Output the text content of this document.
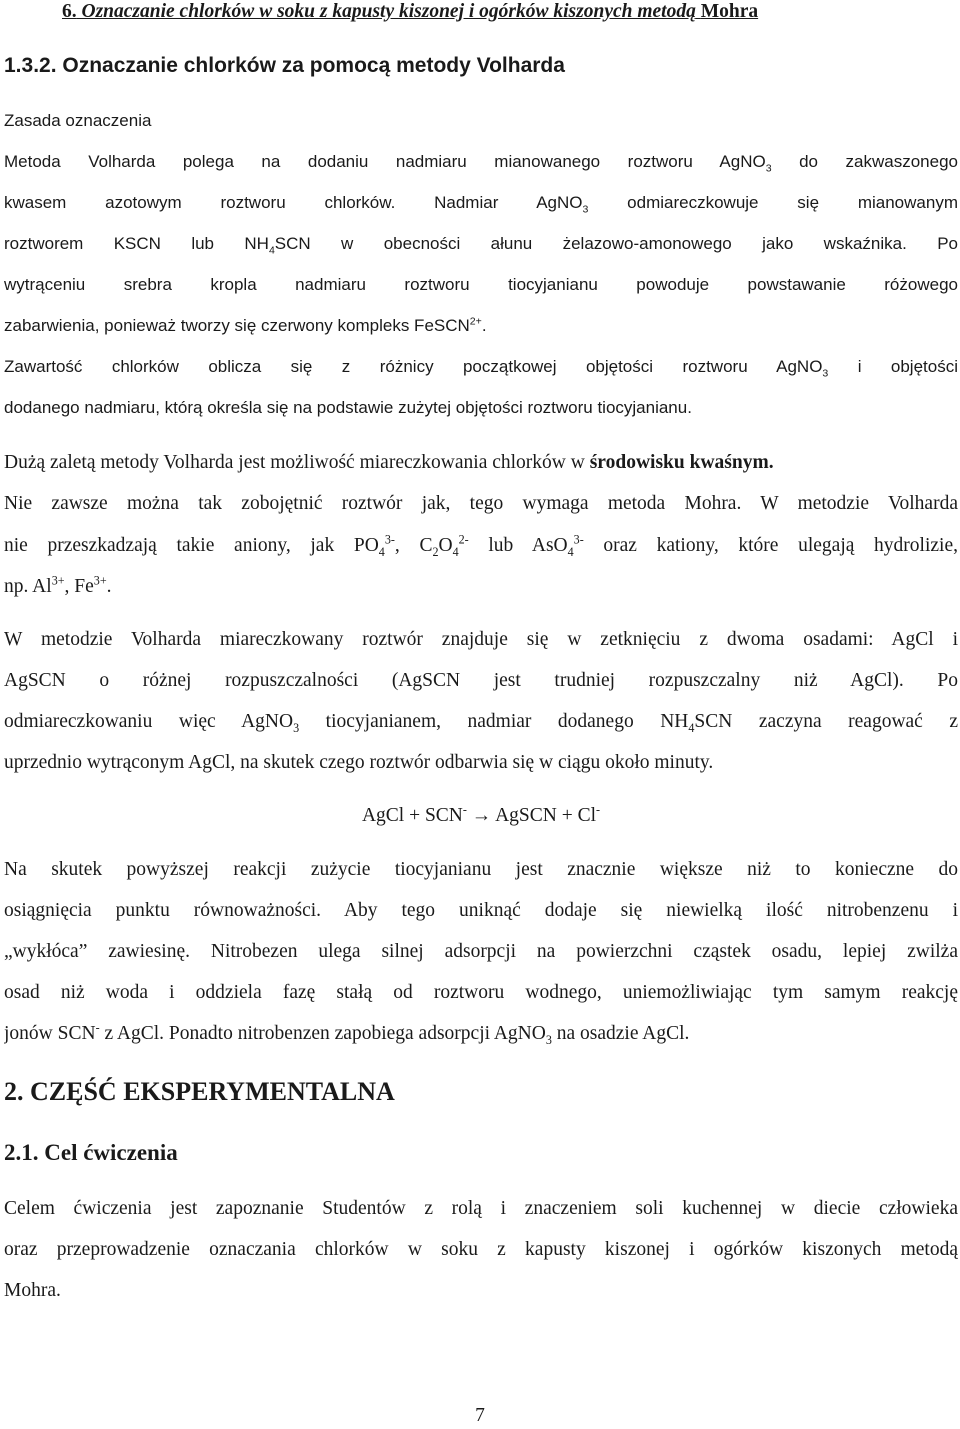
6. Oznaczanie chlorków w soku z kapusty kiszonej i ogórków kiszonych metodą Mohra
1.3.2. Oznaczanie chlorków za pomocą metody Volharda
Zasada oznaczenia
Metoda Volharda polega na dodaniu nadmiaru mianowanego roztworu AgNO$_3$ do zakwaszonego
kwasem azotowym roztworu chlorków. Nadmiar AgNO$_3$ odmiareczkowuje się mianowanym
roztworem KSCN lub $NH_4SCN$ w obecności ałunu żelazowo-amonowego jako wskaźnika. Po
wytrąceniu srebra kropla nadmiaru roztworu tiocyjanianu powoduje powstawanie różowego
zabarwienia, ponieważ tworzy się czerwony kompleks FeSCN$^{2+}$.
Zawartość chlorków oblicza się z różnicy początkowej objętości roztworu AgNO$_3$ i objętości
dodanego nadmiaru, którą określa się na podstawie zużytej objętości roztworu tiocyjanianu.
Dużą zaletą metody Volharda jest możliwość miareczkowania chlorków w środowisku kwaśnym.
Nie zawsze można tak zobojętnić roztwór jak, tego wymaga metoda Mohra. W metodzie Volharda
nie przeszkadzają takie aniony, jak $PO_4^{3-}$, $C_2O_4^{2-}$ lub AsO$_4^{3-}$ oraz kationy, które ulegają hydrolizie,
np. $Al^{3+}$, $Fe^{3+}$.
W metodzie Volharda miareczkowany roztwór znajduje się w zetknięciu z dwoma osadami: AgCl i
AgSCN o różnej rozpuszczalności (AgSCN jest trudniej rozpuszczalny niż AgCl). Po
odmiareczkowaniu więc AgNO$_3$ tiocyjanianem, nadmiar dodanego $NH_4SCN$ zaczyna reagować z
uprzednio wytrąconym AgCl, na skutek czego roztwór odbarwia się w ciągu około minuty.
AgCl + SCN- → AgSCN + Cl-
Na skutek powyższej reakcji zużycie tiocyjanianu jest znacznie większe niż to konieczne do
osiągnięcia punktu równoważności. Aby tego uniknąć dodaje się niewielką ilość nitrobenzenu i
„wykłóca” zawiesinę. Nitrobezen ulega silnej adsorpcji na powierzchni cząstek osadu, lepiej zwilża
osad niż woda i oddziela fazę stałą od roztworu wodnego, uniemożliwiając tym samym reakcję
jonów SCN- z AgCl. Ponadto nitrobenzen zapobiega adsorpcji AgNO$_3$ na osadzie AgCl.
2. CZĘŚĆ EKSPERYMENTALNA
2.1. Cel ćwiczenia
Celem ćwiczenia jest zapoznanie Studentów z rolą i znaczeniem soli kuchennej w diecie człowieka
oraz przeprowadzenie oznaczania chlorków w soku z kapusty kiszonej i ogórków kiszonych metodą
Mohra.
7
